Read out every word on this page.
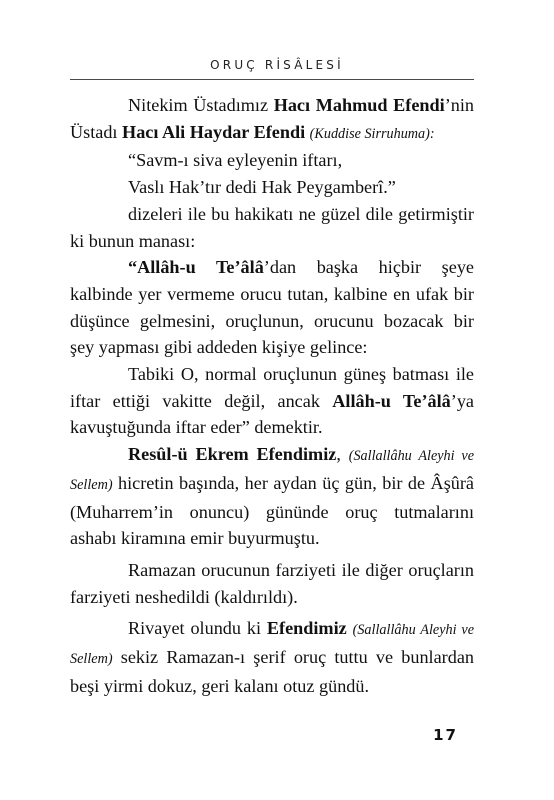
ORUÇ RİSÂLESİ

Nitekim Üstadımız Hacı Mahmud Efendi’nin Üstadı Hacı Ali Haydar Efendi (Kuddise Sirruhuma):

“Savm-ı siva eyleyenin iftarı,

Vaslı Hak’tır dedi Hak Peygamberî.”

dizeleri ile bu hakikatı ne güzel dile getirmiştir ki bunun manası:

“Allâh-u Te’âlâ’dan başka hiçbir şeye kalbinde yer vermeme orucu tutan, kalbine en ufak bir düşünce gelmesini, oruçlunun, orucunu bozacak bir şey yapması gibi addeden kişiye gelince:

Tabiki O, normal oruçlunun güneş batması ile iftar ettiği vakitte değil, ancak Allâh-u Te’âlâ’ya kavuştuğunda iftar eder” demektir.

Resûl-ü Ekrem Efendimiz, (Sallallâhu Aleyhi ve Sellem) hicretin başında, her aydan üç gün, bir de Âşûrâ (Muharrem’in onuncu) gününde oruç tutmalarını ashabı kiramına emir buyurmuştu.

Ramazan orucunun farziyeti ile diğer oruçların farziyeti neshedildi (kaldırıldı).

Rivayet olundu ki Efendimiz (Sallallâhu Aleyhi ve Sellem) sekiz Ramazan-ı şerif oruç tuttu ve bunlardan beşi yirmi dokuz, geri kalanı otuz gündü.

17
